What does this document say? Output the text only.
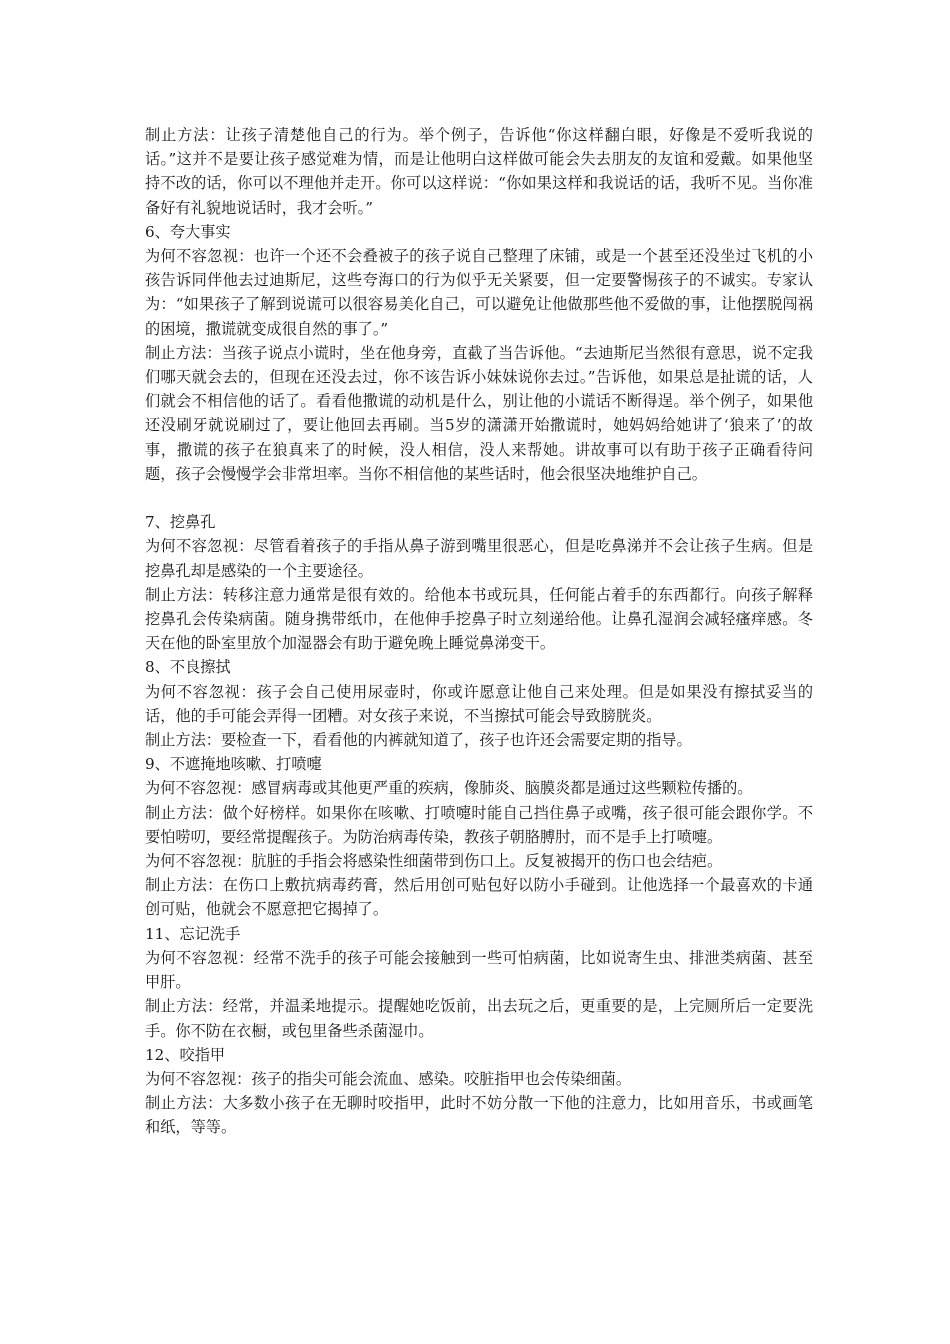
制止方法：让孩子清楚他自己的行为。举个例子，告诉他“你这样翻白眼，好像是不爱听我说的话。”这并不是要让孩子感觉难为情，而是让他明白这样做可能会失去朋友的友谊和爱戴。如果他坚持不改的话，你可以不理他并走开。你可以这样说：“你如果这样和我说话的话，我听不见。当你准备好有礼貌地说话时，我才会听。”

6、夸大事实

为何不容忽视：也许一个还不会叠被子的孩子说自己整理了床铺，或是一个甚至还没坐过飞机的小孩告诉同伴他去过迪斯尼，这些夸海口的行为似乎无关紧要，但一定要警惕孩子的不诚实。专家认为：“如果孩子了解到说谎可以很容易美化自己，可以避免让他做那些他不爱做的事，让他摆脱闯祸的困境，撒谎就变成很自然的事了。”

制止方法：当孩子说点小谎时，坐在他身旁，直截了当告诉他。“去迪斯尼当然很有意思，说不定我们哪天就会去的，但现在还没去过，你不该告诉小妹妹说你去过。”告诉他，如果总是扯谎的话，人们就会不相信他的话了。看看他撒谎的动机是什么，别让他的小谎话不断得逞。举个例子，如果他还没刷牙就说刷过了，要让他回去再刷。当5岁的潇潇开始撒谎时，她妈妈给她讲了‘狼来了’的故事，撒谎的孩子在狼真来了的时候，没人相信，没人来帮她。讲故事可以有助于孩子正确看待问题，孩子会慢慢学会非常坦率。当你不相信他的某些话时，他会很坚决地维护自己。

7、挖鼻孔

为何不容忽视：尽管看着孩子的手指从鼻子游到嘴里很恶心，但是吃鼻涕并不会让孩子生病。但是挖鼻孔却是感染的一个主要途径。

制止方法：转移注意力通常是很有效的。给他本书或玩具，任何能占着手的东西都行。向孩子解释挖鼻孔会传染病菌。随身携带纸巾，在他伸手挖鼻子时立刻递给他。让鼻孔湿润会减轻瘙痒感。冬天在他的卧室里放个加湿器会有助于避免晚上睡觉鼻涕变干。

8、不良擦拭

为何不容忽视：孩子会自己使用尿壶时，你或许愿意让他自己来处理。但是如果没有擦拭妥当的话，他的手可能会弄得一团糟。对女孩子来说，不当擦拭可能会导致膀胱炎。

制止方法：要检查一下，看看他的内裤就知道了，孩子也许还会需要定期的指导。

9、不遮掩地咳嗽、打喷嚏

为何不容忽视：感冒病毒或其他更严重的疾病，像肺炎、脑膜炎都是通过这些颗粒传播的。

制止方法：做个好榜样。如果你在咳嗽、打喷嚏时能自己挡住鼻子或嘴，孩子很可能会跟你学。不要怕唠叨，要经常提醒孩子。为防治病毒传染，教孩子朝胳膊肘，而不是手上打喷嚏。

为何不容忽视：肮脏的手指会将感染性细菌带到伤口上。反复被揭开的伤口也会结疤。

制止方法：在伤口上敷抗病毒药膏，然后用创可贴包好以防小手碰到。让他选择一个最喜欢的卡通创可贴，他就会不愿意把它揭掉了。

11、忘记洗手

为何不容忽视：经常不洗手的孩子可能会接触到一些可怕病菌，比如说寄生虫、排泄类病菌、甚至甲肝。

制止方法：经常，并温柔地提示。提醒她吃饭前，出去玩之后，更重要的是，上完厕所后一定要洗手。你不防在衣橱，或包里备些杀菌湿巾。

12、咬指甲

为何不容忽视：孩子的指尖可能会流血、感染。咬脏指甲也会传染细菌。

制止方法：大多数小孩子在无聊时咬指甲，此时不妨分散一下他的注意力，比如用音乐，书或画笔和纸，等等。
